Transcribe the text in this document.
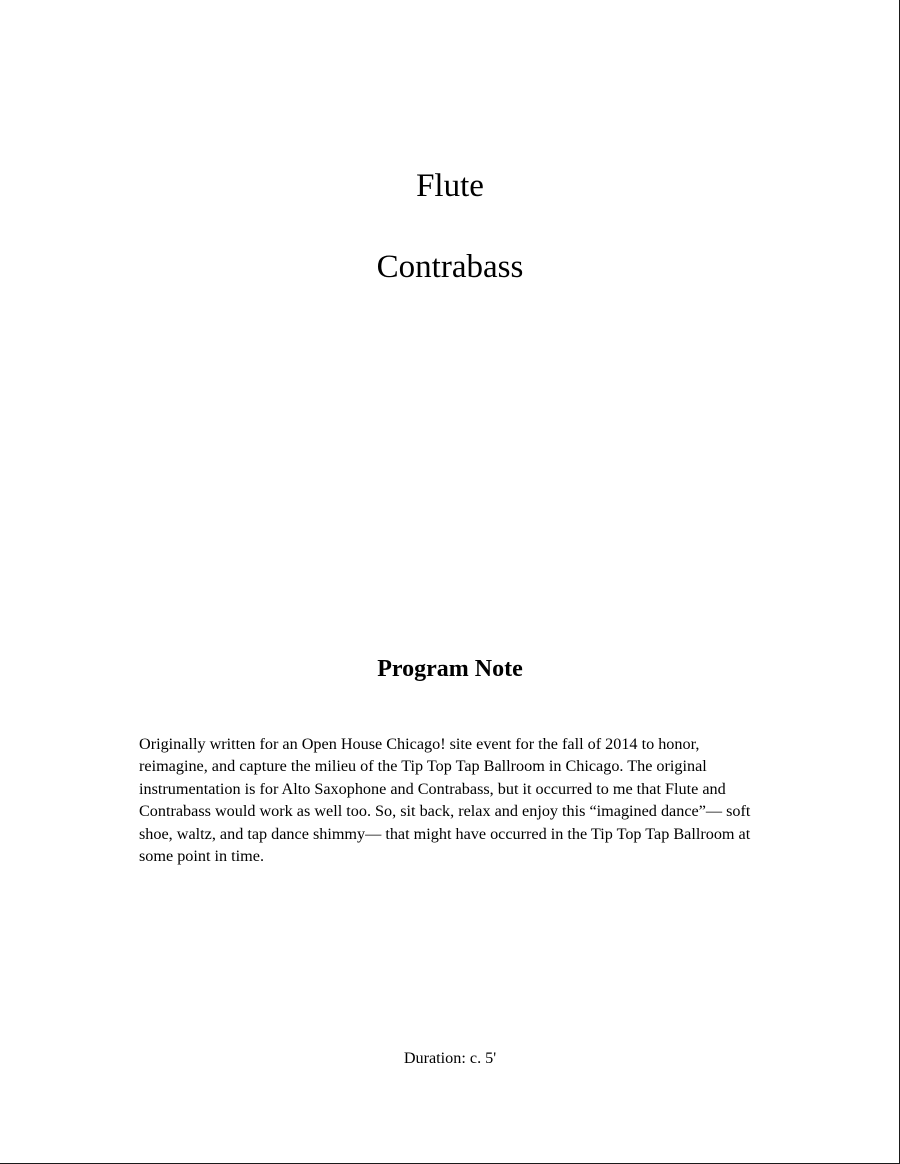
Flute
Contrabass
Program Note

Originally written for an Open House Chicago! site event for the fall of 2014 to honor, reimagine, and capture the milieu of the Tip Top Tap Ballroom in Chicago. The original instrumentation is for Alto Saxophone and Contrabass, but it occurred to me that Flute and Contrabass would work as well too. So, sit back, relax and enjoy this “imagined dance”— soft shoe, waltz, and tap dance shimmy— that might have occurred in the Tip Top Tap Ballroom at some point in time.

Duration: c. 5'
